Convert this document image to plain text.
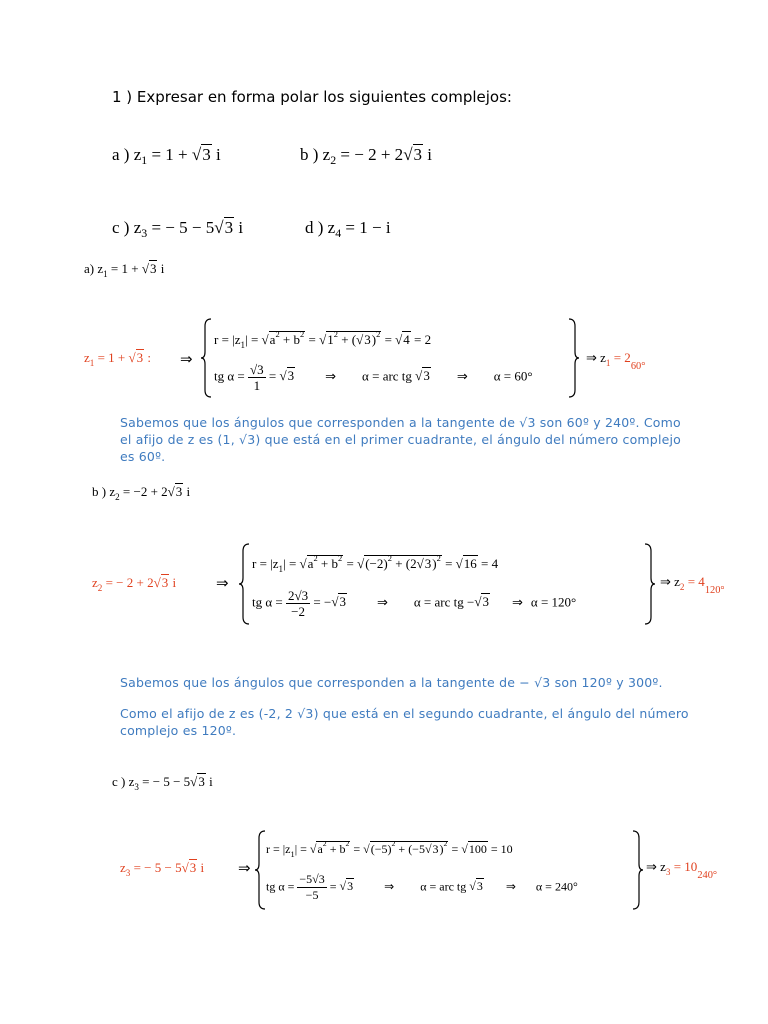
1 ) Expresar en forma polar los siguientes complejos:
a ) $z_1 = 1 + √3$ i	b ) $z_2$ = − 2 + 2√3 i
c ) $z_3$ = − 5 − 5√3 i	d ) $z_4 = 1 - i$
a) $z_1 = 1 + √3$ i
$z_1 = 1 + √3$ : ⇒
$r = |z_1| = √a^2 + b^2 = √1^2 + (√3)^2 = √4 = 2$
tg $\alpha = \frac{√3}{1} = √3$ ⇒ α = arc tg √3 ⇒ α = 60°
⇒ $z_1 = 2_{60^\circ}$
Sabemos que los ángulos que corresponden a la tangente de √3 son 60º y 240º. Como el afijo de z es (1, √3) que está en el primer cuadrante, el ángulo del número complejo es 60º.
b ) $z_2 = -2 + 2√3$ i
$z_2$ = − 2 + 2√3 i	⇒
$r = |z_1| = √a^2 + b^2 = √(-2)^2 + (2√3)^2 = √16 = 4$
tg $\alpha = \frac{2√3}{-2} = -√3$ ⇒ α = arc tg −√3 ⇒ α = 120°
⇒ $z_2 = 4_{120^\circ}$
Sabemos que los ángulos que corresponden a la tangente de − √3 son 120º y 300º.
Como el afijo de z es (-2, 2 √3) que está en el segundo cuadrante, el ángulo del número complejo es 120º.
c ) $z_3$ = − 5 − 5√3 i
$z_3$ = − 5 − 5√3 i ⇒
$r = |z_1| = √a^2 + b^2 = √(-5)^2 + (-5√3)^2 = √100 = 10$
tg $\alpha = \frac{-5√3}{-5} = √3$	⇒ α = arc tg √3 ⇒ α = 240°
⇒ $z_3 = 10_{240^\circ}$
